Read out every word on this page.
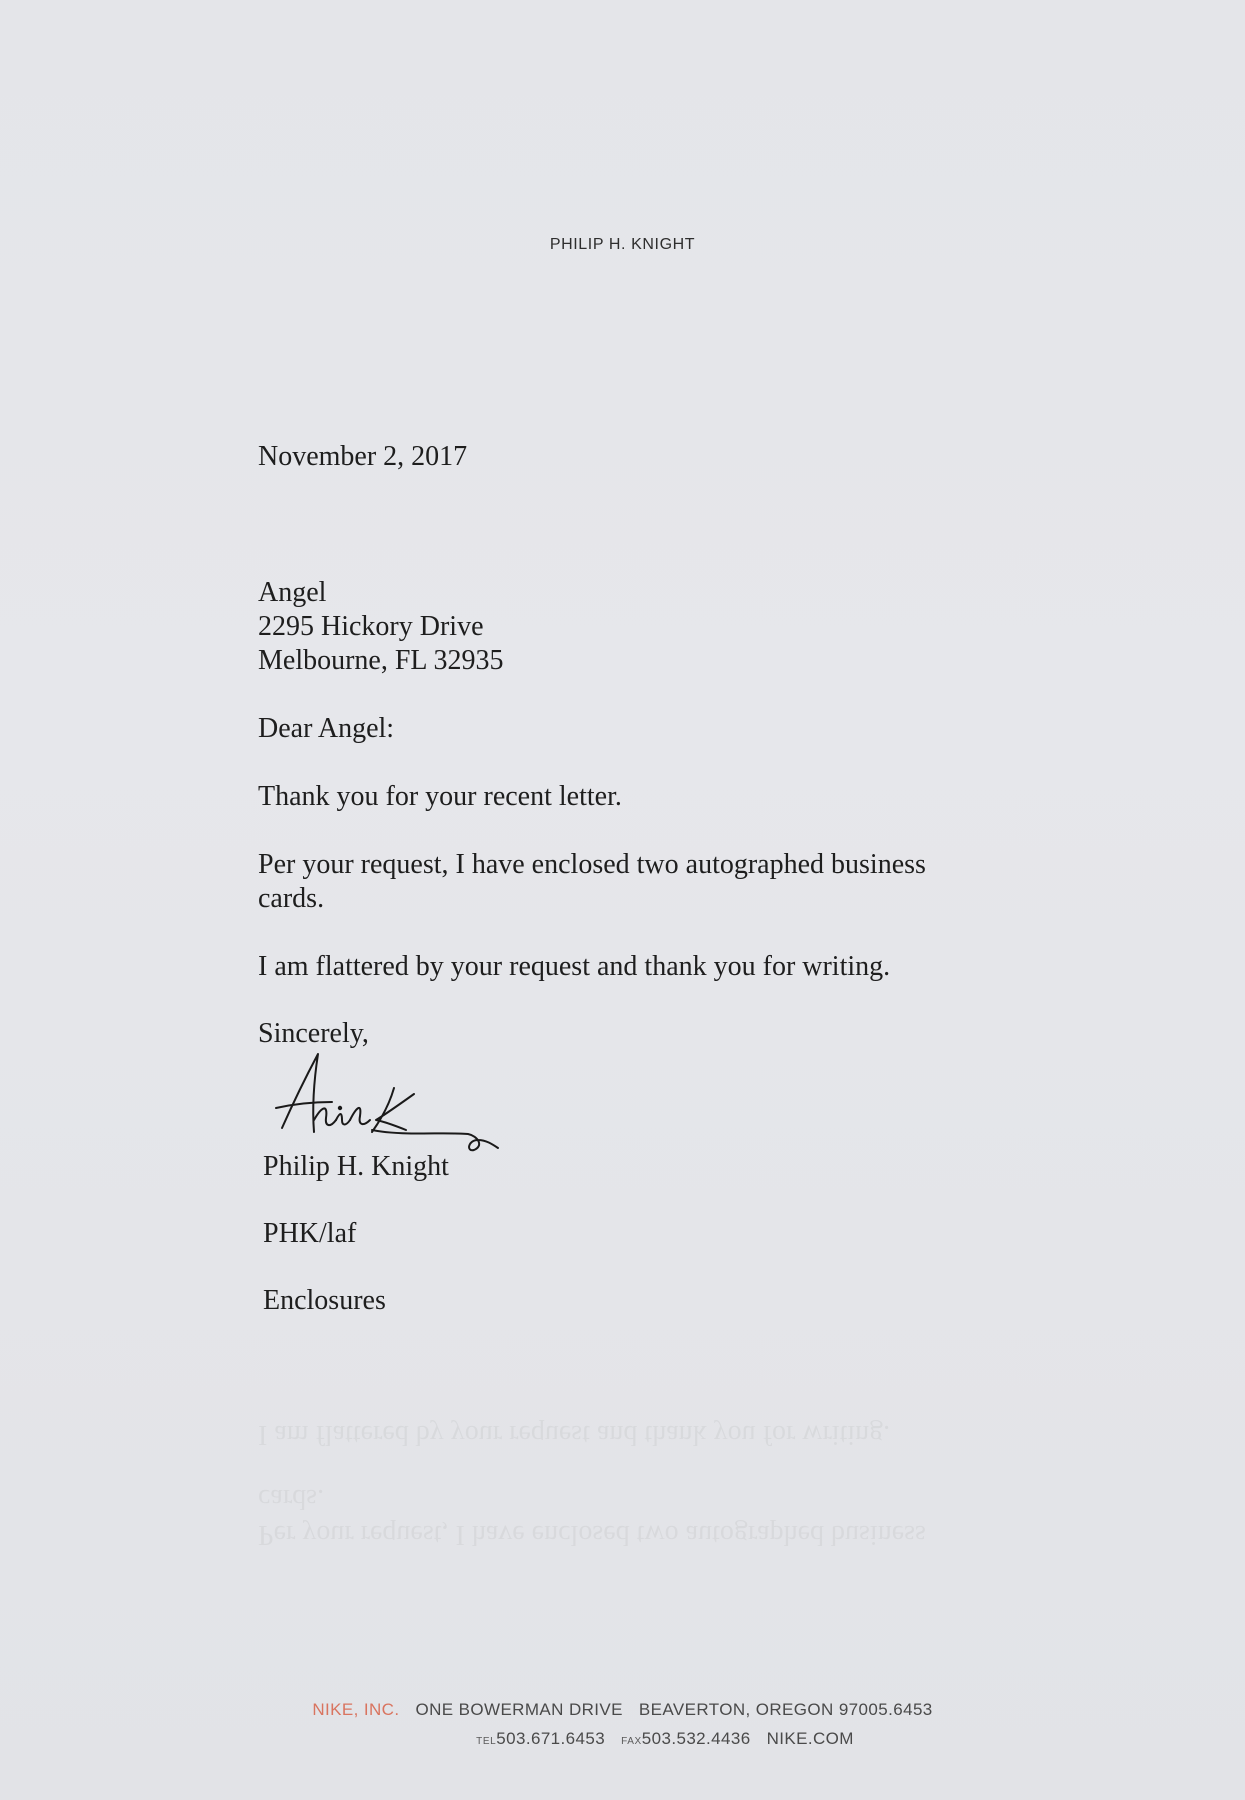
PHILIP H. KNIGHT
November 2, 2017
Angel
2295 Hickory Drive
Melbourne, FL 32935
Dear Angel:
Thank you for your recent letter.
Per your request, I have enclosed two autographed business
cards.
I am flattered by your request and thank you for writing.
Sincerely,
Philip H. Knight
PHK/laf
Enclosures
I am flattered by your request and thank you for writing.
cards.
Per your request, I have enclosed two autographed business
NIKE, INC. ONE BOWERMAN DRIVE BEAVERTON, OREGON 97005.6453
TEL503.671.6453 FAX503.532.4436 NIKE.COM
